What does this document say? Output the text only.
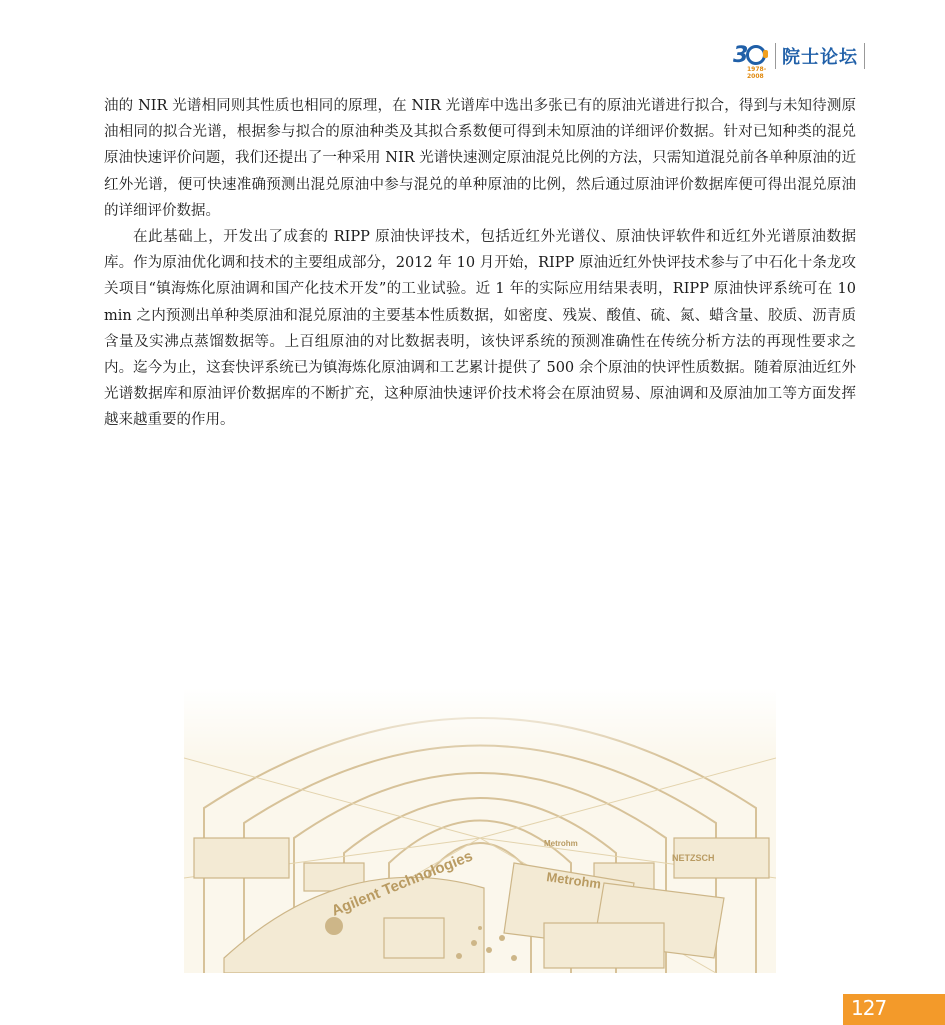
3
1978-2008
院士论坛

油的 NIR 光谱相同则其性质也相同的原理，在 NIR 光谱库中选出多张已有的原油光谱进行拟合，得到与未知待测原油相同的拟合光谱，根据参与拟合的原油种类及其拟合系数便可得到未知原油的详细评价数据。针对已知种类的混兑原油快速评价问题，我们还提出了一种采用 NIR 光谱快速测定原油混兑比例的方法，只需知道混兑前各单种原油的近红外光谱，便可快速准确预测出混兑原油中参与混兑的单种原油的比例，然后通过原油评价数据库便可得出混兑原油的详细评价数据。

在此基础上，开发出了成套的 RIPP 原油快评技术，包括近红外光谱仪、原油快评软件和近红外光谱原油数据库。作为原油优化调和技术的主要组成部分，2012 年 10 月开始，RIPP 原油近红外快评技术参与了中石化十条龙攻关项目“镇海炼化原油调和国产化技术开发”的工业试验。近 1 年的实际应用结果表明，RIPP 原油快评系统可在 10 min 之内预测出单种类原油和混兑原油的主要基本性质数据，如密度、残炭、酸值、硫、氮、蜡含量、胶质、沥青质含量及实沸点蒸馏数据等。上百组原油的对比数据表明，该快评系统的预测准确性在传统分析方法的再现性要求之内。迄今为止，这套快评系统已为镇海炼化原油调和工艺累计提供了 500 余个原油的快评性质数据。随着原油近红外光谱数据库和原油评价数据库的不断扩充，这种原油快速评价技术将会在原油贸易、原油调和及原油加工等方面发挥越来越重要的作用。

127
